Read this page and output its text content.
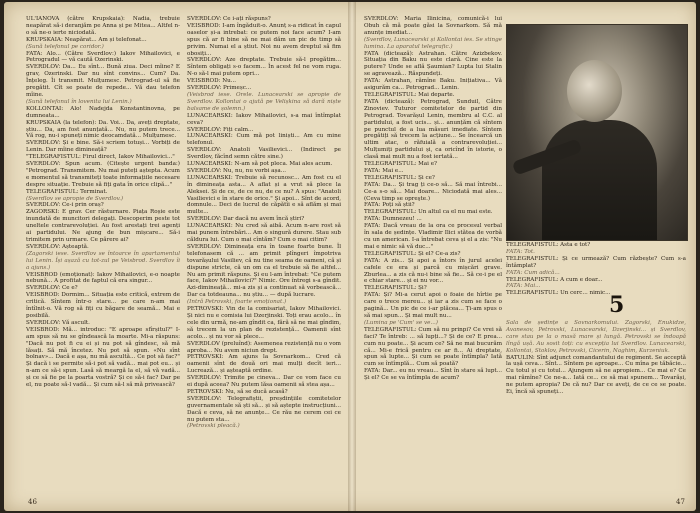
UL'IANOVA (către Krupskaia): Nadia, trebuie neapărat să-i deranjăm pe Anna și pe Mitea... Altfel n-o să ne-o ierte niciodată.

KRUPSKAIA: Neapărat... Am și telefonat...

(Sună telefonul pe coridor.)

FATA: Alo... (Către Sverdlov:) Iakov Mihailovici, e Petrogradul — vă caută Ozerinski.

SVERDLOV: Da... Eu sînt... Bună ziua. Deci mîine? E grav, Ozerinski. Dar nu sînt convins... Cum? Da. Înțeleg. Îi transmit. Mulțumesc. Petrograd-ul să fie pregătit. Cît se poate de repede... Vă dau telefon mîine.

(Sună telefonul în lovenita lui Lenin.)

KOLLONTAI: Alo! Nadejda Konstantinovna, pe dumneata...

KRUPSKAIA (la telefon): Da. Voi... Da, aveți dreptate, știu... Da, am fost anunțată... Nu, nu putem trece... Vă rog, nu-i spuneți nimic deocamdată... Mulțumesc.

SVERDLOV: Și e bine. Să-i scriem totuși... Vorbiți de Lenin. Dar mîine dimineață?

"TELEGRAFISTUL: Firul direct, Iakov Mihailovici..."

SVERDLOV: Spun acum. (Citește urgent banda:) "Petrograd. Transmitem. Nu mai puteți aștepta. Acum e momentul să transmiteți toate informațiile necesare despre situație. Trebuie să fiți gata în orice clipă..."

TELEGRAFISTUL: Terminat.

(Sverdlov se apropie de Sverdlov.)

SVERDLOV: Ce-i prin oraș?

ZAGORSKI: E grav. Cer răsturnare. Piața Roșie este inundată de muncitori delegați. Descoperim peste tot uneltele contrarevoluției. Au fost arestați trei agenți ai partidului. Ne ajung de bun mișcare... Să-i trimitem prin urmare. Ce părere ai?

SVERDLOV: Așteaptă.

(Zagorski iese. Sverdlov se întoarce în apartamentul lui Lenin. Își așază cu tot-zul pe Veisbrod. Sverdlov îi a ajuns.)

VEISBROD (emoționat): Iakov Mihailovici, e-o noapte nebună... A profitat de faptul că era singur...

SVERDLOV: Ce e?

VEISBROD: Dormim... Situația este critică, extrem de critică. Sîntem într-o stare... pe care n-am mai întîlnit-o. Vă rog să fiți cu băgare de seamă... Mai e posibilă.

SVERDLOV: Vă ascult.

VEISBROD: Mă... introduc: "E aproape sfîrșitul?" I-am spus să nu se gîndească la moarte. Mi-a răspuns: "Dacă nu pot fi cu ei și nu pot să gîndesc, să mă lăsați. Să mă încetez. Nu pot să spun. «Nu sînt bolnav»... Dacă e așa, nu mă ascultă... Ce pot să fac?" Și dacă i se permite să-i pot să vadă... mai pot eu... și n-am ce să-i spun. Lasă să meargă la el, să vă vadă... și ce să fie pe la poarta vostră? Și ce să-i fac? Dar pe el, nu poate să-l vadă... Și cum să-l să mă privească?

SVERDLOV: Ce i-ați răspuns?

VEISBROD: I-am îngăduit-o. Anunț s-a ridicat în capul oaselor și-a intrebat: ce putem noi face acum? I-am spus că ar fi bine să ne mai dăm un pic de timp să privim. Numai el a știut. Noi nu avem dreptul să fim obosiți...

SVERDLOV: Aze dreptate. Trebuie să-l pregătim... Sîntem obligați s-o facem... În acest fel ne vom ruga. N-o să-l mai putem opri...

VEISBROD: Nu...

SVERDLOV: Primeșc...

(Veisbrod iese. Orele. Lunacearski se apropie de Sverdlov. Kollontai o ajută pe Velișkina să dară niște balsame de șolemn.)

LUNACEARSKI: Iakov Mihailovici, s-a mai întîmplat ceva?

SVERDLOV: Fiți calm...

LUNACEARSKI: Cum mă pot liniști... Am cu mine telefonul.

SVERDLOV: Anatoli Vasilievici... (Indirect pe Sverdlov, făcînd semn către sine.)

LUNACEARSKI: N-am să pot pleca. Mai ales acum.

SVERDLOV: Nu, nu, nu vorbi așa...

LUNACEARSKI: Trebuie să recunosc... Am fost cu el în dimineața asta... A aflat și a vrut să plece la Aleksei. Și de ce, de ce nu, de ce nu? A spus: "Anatoli Vasilievici e în stare de orice." Și apoi... Sînt de acord, domnule... Deci de lucrul de căpătîi e să aflăm și mai multe...

SVERDLOV: Dar dacă nu avem încă știri?

LUNACEARSKI: Nu cred să aibă. Acum n-are rost să mai punem întrebări... Am o singură durere. Stau sub căldura lui. Cum o mai cîntăm? Cum o mai citim?

SVERDLOV: Dimineața era în toane foarte bune. Îl telefonasem că ... am primit plîngeri împotriva tovarășului Vasiliev, că nu tine seama de oameni, că și dispune stricte, că un om ca el trebuie să fie altfel... Nu am primit răspuns. Și eu l-am întrebat: "Ce putem face, Iakov Mihailovici?" Nimic. Ore întregi s-a gîndit. Azi-dimineață... mi-a zis și a continuat să vorbească... Dar ca totdeauna... nu știu... — după lucrare.

(Intră Petrovski, foarte emoționat.)

PETROVSKI: Vin de la comisariat, Iakov Mihailovici. Și nici nu e comisia lui Dzerjinski. Toți erau acolo... în cele din urmă, ne-am gîndit ca, fără să ne mai gîndim, să trecem la un plan de rezistență... Oamenii sînt acolo... și nu vor să plece...

SVERDLOV (preluînd): Asemenea rezistență nu o vom aproba... Nu avem niciun drept.

PETROVSKI: Am ajuns la Sovnarkom... Cred că oamenii sînt de două ori mai mulți decît ieri... Lucrează... și așteaptă ordine.

SVERDLOV: Trimite pe cineva... Dar ce vom face cu ei după aceea? Nu putem lăsa oamenii să stea așa...

PETROVSKI: Nu, să se ducă acasă?

SVERDLOV: Telegrafiștii, preșdințiile comitetelor guvernamentale să ști să... și să aștepte instrucțiuni... Dacă e ceva, să ne anunțe... Ce rău ne cerem cei ce nu putem sta...

(Petrovski pleacă.)

46

SVERDLOV: Maria Ilinicina, comunică-i lui Obuh că mă poate găsi la Sovnarkom. Să mă anunțe imediat...

(Sverdlov, Lunacearski și Kollontai ies. Se stinge lumina. La aparatul telegrafic.)

FATA (dictează): Astrahan. Către Azizbekov. Situația din Baku nu este clară. Cine este la putere? Unde se află Șaumian? Lupta lui Stalin se agravează... Răspundeți.

FATA: Astrahan, rămîne Baku. Inițiativa... Vă asigurăm ca... Petrograd... Lenin.

TELEGRAFISTUL: Mai departe.

FATA (dictează): Petrograd, Sunduil, Către Zinoviev. Tuturor comitetelor de partid din Petrograd. Tovarășul Lenin, membru al C.C. al partidului, a fost ucis... și... anunțăm că sîntem pe punctul de a lua măsuri imediate. Sîntem pregătiți să trecem la acțiune... Se încearcă un ultim atac, o răfuială a contrarevoluției... Mulțumiți partidului și, ca oricînd în istorie, o clasă mai mult nu a fost iertată...

TELEGRAFISTUL: Mai e?

FATA: Mai e...

TELEGRAFISTUL: Și ce?

FATA: Da... Și trag ți ce-o să... Să mai întrebi... Ce-a s-o să... Mai doare... Niciodată mai ales... (Ceva timp se opreşte.)

FATA: Poți să știi?

TELEGRAFISTUL: Un altul ca el nu mai este.

FATA: Dumnezeu! ...

FATA: Dacă vreau de la ora ce procesul verbal în sala de ședințe. Vladimir Ilici stătea de vorbă cu un american. I-a întrebat ceva și el a zis: "Nu mai e nimic să vă duc..."

TELEGRAFISTUL: Și el? Ce-a zis?

FATA: A zis... Și apoi a întors în jurul acelei cafele ce era și parcă cu mișcări grave. Zburlea... a zis că nu-i bine să fie... Să ce-i pe el e chiar stare... și ei nu vor...

TELEGRAFISTUL: Și?

FATA: Și? Mi-a cerut apoi o foaie de hîrtie pe care o trece mereu... și iar a zis cum se face o pagină... Un pic de ce i-ar plăcea... Ți-am spus o să mai spun... Și mai mult nu...

(Lumina pe 'Cum' se ve...)

TELEGRAFISTUL: Cum să nu prinpi? Ce vrei să faci? Te întreb: ... să lupți...? Și de ce? E prea... cum nu poate... Și acum ce? Să ne mai bucurăm că... Mi-e frică pentru ce ar fi... Ai dreptate, spun să lupte... Și cum se poate întîmpla? Iată cum se întîmplă... Cum să poată?

FATA: Dar... eu nu vreau... Sînt în stare să lupt... Și el? Ce se va întîmpla de acum?

TELEGRAFISTUL: Asta e tot?

FATA: Tot.

TELEGRAFISTUL: Și ce urmează? Cum răzbește? Cum s-a întâmplat?

FATA: Cum adică...

TELEGRAFISTUL: A cum e doar...

FATA: Mai...

TELEGRAFISTUL: Un cerc... nimic...

5

Sala de ședințe a Sovnarkomului. Zagorski, Enukidze, Avanesov, Petrovski, Lunacearski, Dzerjinski... și Sverdlov, care stau pe la o masă mare și lungă. Petrovski se îndoapă lîngă ușă. Au sosit toți: cu excepția lui Sverdlov. Lunacearski, Kollontai, Stoklov, Petrovski, Cicerin, Naghim, Kurzeniuk.

BATULIN: Sînt adjunct comandantului de regiment. Se acceptă la ușă ceva... Sînt... Sîntem pe aproape... Cu mîna pe tăbăcie... Cu totul și cu totul... Ajungem să ne apropiem... Ce mai e? Ce mai rămîne? Ce ne-a... Iată ce... ce să mai spunem... Tovarăși, ne putem apropia? De că nu? Dar ce aveți, de ce ce se poate. Ei, încă să spuneți...

47
